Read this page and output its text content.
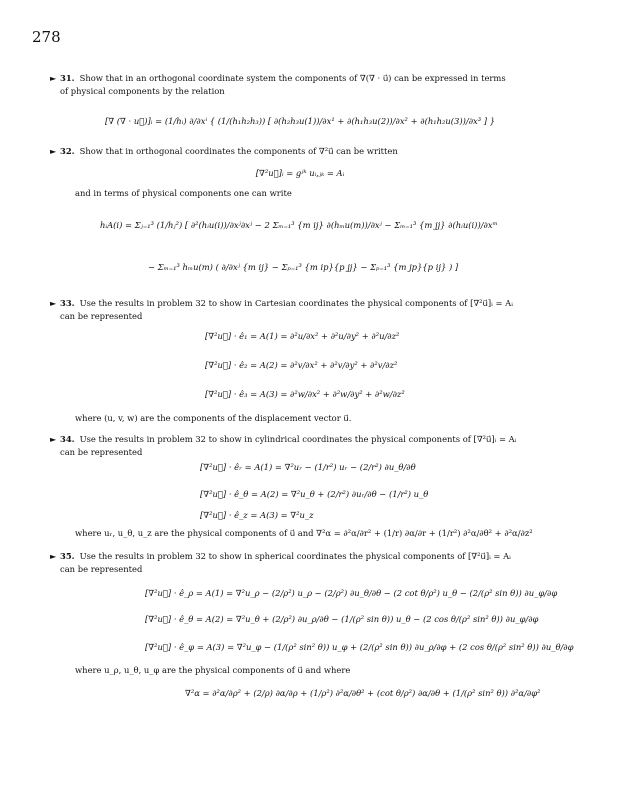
278
► 31. Show that in an orthogonal coordinate system the components of ∇(∇ · u⃗) can be expressed in terms
of physical components by the relation
[∇ (∇ · u⃗)]ᵢ = (1/hᵢ) ∂/∂xⁱ { (1/(h₁h₂h₃)) [ ∂(h₂h₃u(1))/∂x¹ + ∂(h₁h₃u(2))/∂x² + ∂(h₁h₂u(3))/∂x³ ] }
► 32. Show that in orthogonal coordinates the components of ∇²u⃗ can be written
[∇²u⃗]ᵢ = gʲᵏ uᵢ,ⱼₖ = Aᵢ
and in terms of physical components one can write
hᵢA(i) = Σⱼ₌₁³ (1/hⱼ²) [ ∂²(hᵢu(i))/∂xʲ∂xʲ − 2 Σₘ₌₁³ {m ij} ∂(hₘu(m))/∂xʲ − Σₘ₌₁³ {m jj} ∂(hᵢu(i))/∂xᵐ
− Σₘ₌₁³ hₘu(m) ( ∂/∂xʲ {m ij} − Σₚ₌₁³ {m ip}{p jj} − Σₚ₌₁³ {m jp}{p ij} ) ]
► 33. Use the results in problem 32 to show in Cartesian coordinates the physical components of [∇²u⃗]ᵢ = Aᵢ
can be represented
[∇²u⃗] · ê₁ = A(1) = ∂²u/∂x² + ∂²u/∂y² + ∂²u/∂z²
[∇²u⃗] · ê₂ = A(2) = ∂²v/∂x² + ∂²v/∂y² + ∂²v/∂z²
[∇²u⃗] · ê₃ = A(3) = ∂²w/∂x² + ∂²w/∂y² + ∂²w/∂z²
where (u, v, w) are the components of the displacement vector u⃗.
► 34. Use the results in problem 32 to show in cylindrical coordinates the physical components of [∇²u⃗]ᵢ = Aᵢ
can be represented
[∇²u⃗] · êᵣ = A(1) = ∇²uᵣ − (1/r²) uᵣ − (2/r²) ∂u_θ/∂θ
[∇²u⃗] · ê_θ = A(2) = ∇²u_θ + (2/r²) ∂uᵣ/∂θ − (1/r²) u_θ
[∇²u⃗] · ê_z = A(3) = ∇²u_z
where uᵣ, u_θ, u_z are the physical components of u⃗ and ∇²α = ∂²α/∂r² + (1/r) ∂α/∂r + (1/r²) ∂²α/∂θ² + ∂²α/∂z²
► 35. Use the results in problem 32 to show in spherical coordinates the physical components of [∇²u⃗]ᵢ = Aᵢ
can be represented
[∇²u⃗] · ê_ρ = A(1) = ∇²u_ρ − (2/ρ²) u_ρ − (2/ρ²) ∂u_θ/∂θ − (2 cot θ/ρ²) u_θ − (2/(ρ² sin θ)) ∂u_φ/∂φ
[∇²u⃗] · ê_θ = A(2) = ∇²u_θ + (2/ρ²) ∂u_ρ/∂θ − (1/(ρ² sin θ)) u_θ − (2 cos θ/(ρ² sin² θ)) ∂u_φ/∂φ
[∇²u⃗] · ê_φ = A(3) = ∇²u_φ − (1/(ρ² sin² θ)) u_φ + (2/(ρ² sin θ)) ∂u_ρ/∂φ + (2 cos θ/(ρ² sin² θ)) ∂u_θ/∂φ
where u_ρ, u_θ, u_φ are the physical components of u⃗ and where
∇²α = ∂²α/∂ρ² + (2/ρ) ∂α/∂ρ + (1/ρ²) ∂²α/∂θ² + (cot θ/ρ²) ∂α/∂θ + (1/(ρ² sin² θ)) ∂²α/∂φ²
